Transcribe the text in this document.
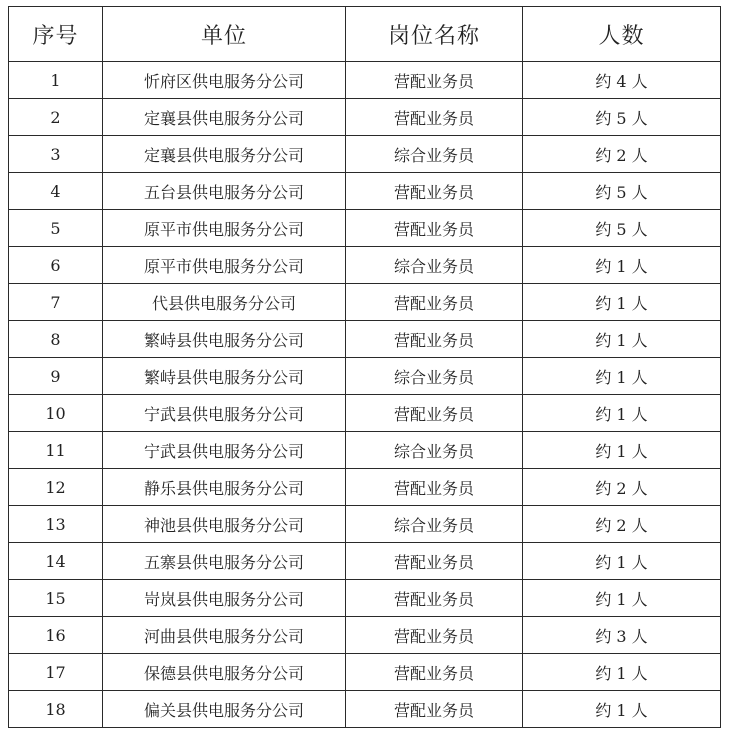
序号	单位	岗位名称	人数
1	忻府区供电服务分公司	营配业务员	约 4 人
2	定襄县供电服务分公司	营配业务员	约 5 人
3	定襄县供电服务分公司	综合业务员	约 2 人
4	五台县供电服务分公司	营配业务员	约 5 人
5	原平市供电服务分公司	营配业务员	约 5 人
6	原平市供电服务分公司	综合业务员	约 1 人
7	代县供电服务分公司	营配业务员	约 1 人
8	繁峙县供电服务分公司	营配业务员	约 1 人
9	繁峙县供电服务分公司	综合业务员	约 1 人
10	宁武县供电服务分公司	营配业务员	约 1 人
11	宁武县供电服务分公司	综合业务员	约 1 人
12	静乐县供电服务分公司	营配业务员	约 2 人
13	神池县供电服务分公司	综合业务员	约 2 人
14	五寨县供电服务分公司	营配业务员	约 1 人
15	岢岚县供电服务分公司	营配业务员	约 1 人
16	河曲县供电服务分公司	营配业务员	约 3 人
17	保德县供电服务分公司	营配业务员	约 1 人
18	偏关县供电服务分公司	营配业务员	约 1 人
